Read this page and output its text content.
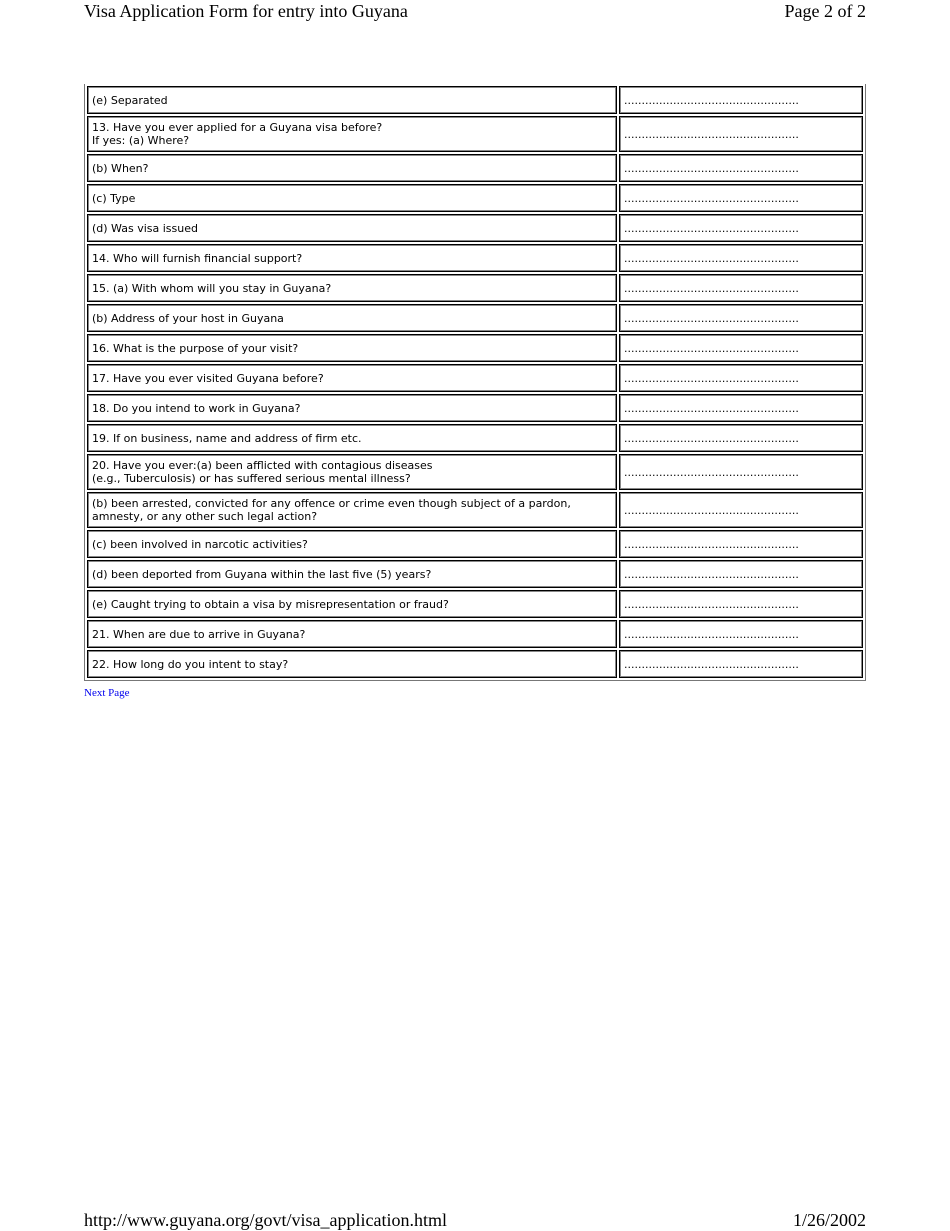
Visa Application Form for entry into Guyana	Page 2 of 2
(e) Separated	..................................................

13. Have you ever applied for a Guyana visa before?
If yes: (a) Where?	..................................................

(b) When?	..................................................

(c) Type	..................................................

(d) Was visa issued	..................................................

14. Who will furnish financial support?	..................................................

15. (a) With whom will you stay in Guyana?	..................................................

(b) Address of your host in Guyana	..................................................

16. What is the purpose of your visit?	..................................................

17. Have you ever visited Guyana before?	..................................................

18. Do you intend to work in Guyana?	..................................................

19. If on business, name and address of firm etc.	..................................................

20. Have you ever:(a) been afflicted with contagious diseases
(e.g., Tuberculosis) or has suffered serious mental illness?	..................................................

(b) been arrested, convicted for any offence or crime even though subject of a pardon,
amnesty, or any other such legal action?	..................................................

(c) been involved in narcotic activities?	..................................................

(d) been deported from Guyana within the last five (5) years?	..................................................

(e) Caught trying to obtain a visa by misrepresentation or fraud?	..................................................

21. When are due to arrive in Guyana?	..................................................

22. How long do you intent to stay?	..................................................
Next Page
http://www.guyana.org/govt/visa_application.html	1/26/2002
